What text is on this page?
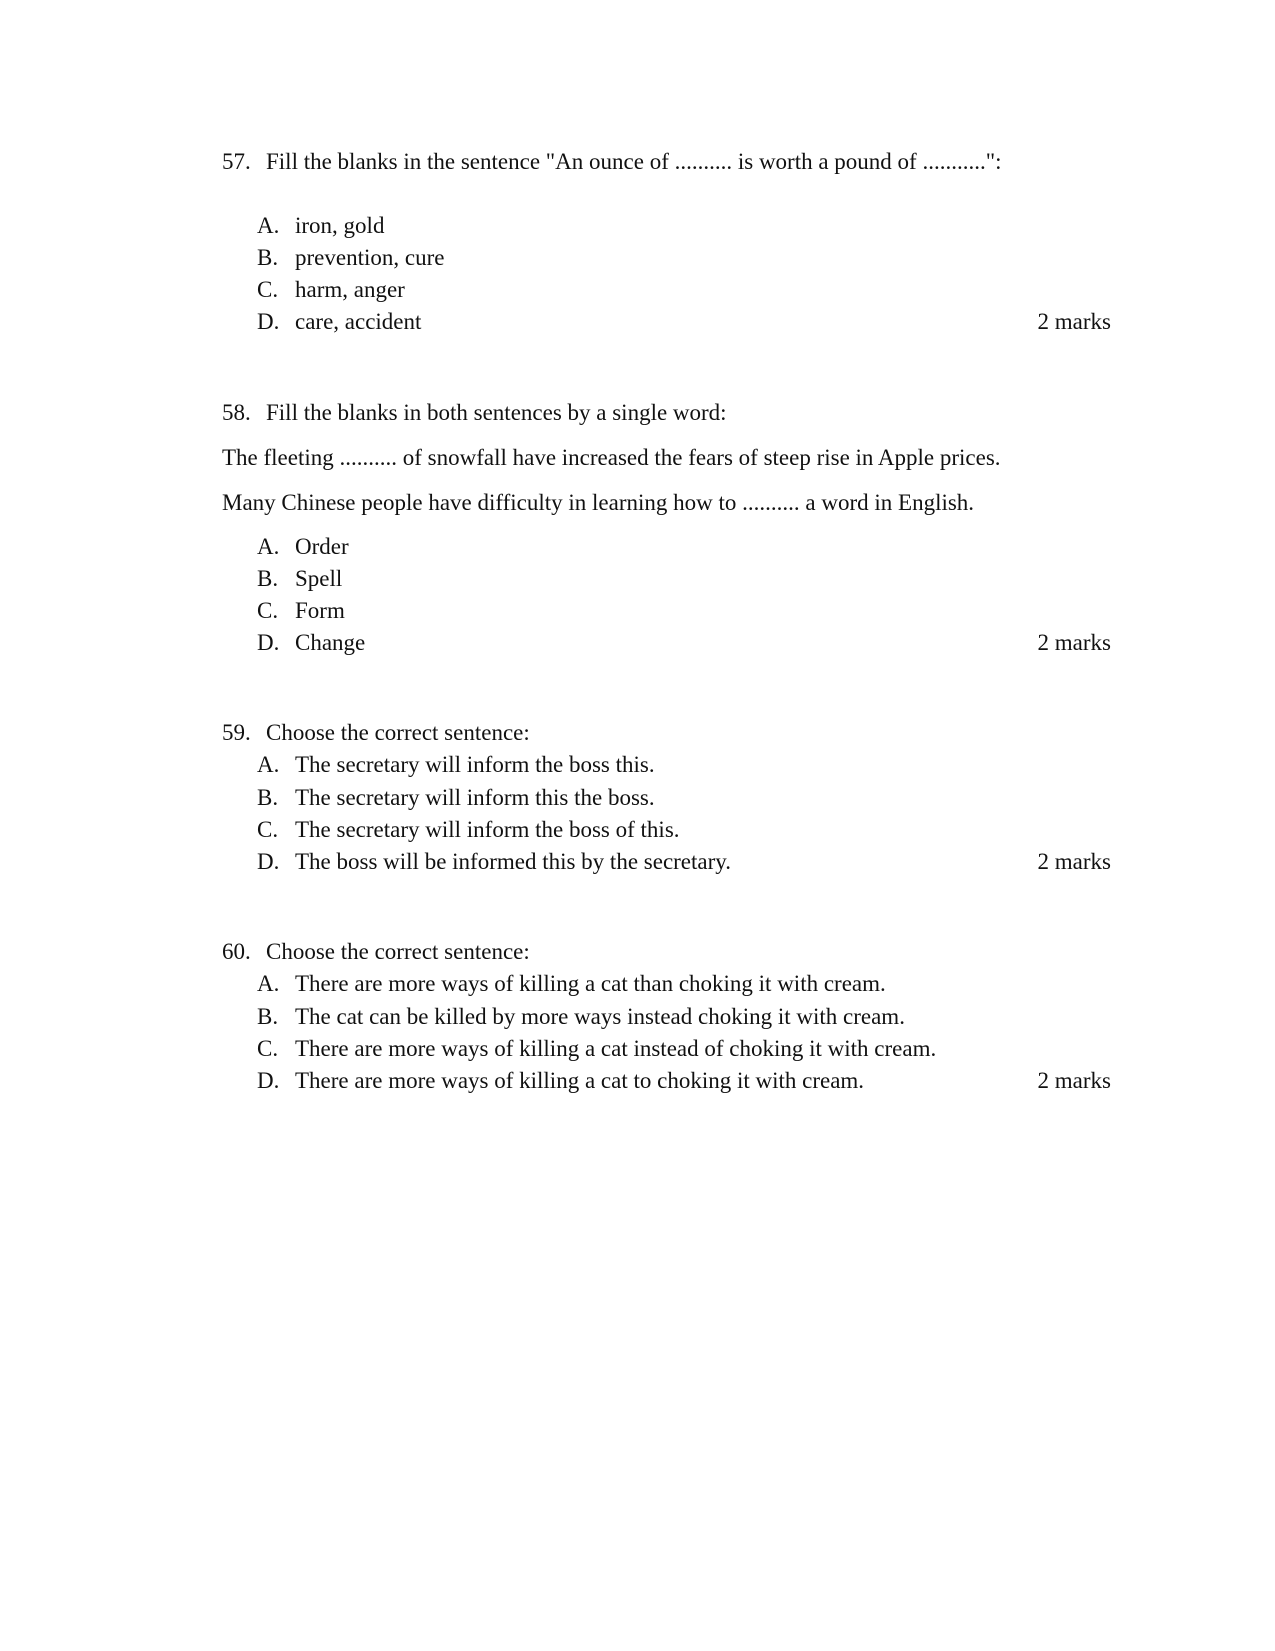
57. Fill the blanks in the sentence "An ounce of .......... is worth a pound of ...........":
A. iron, gold
B. prevention, cure
C. harm, anger
D. care, accident	2 marks
58. Fill the blanks in both sentences by a single word:
The fleeting .......... of snowfall have increased the fears of steep rise in Apple prices.
Many Chinese people have difficulty in learning how to .......... a word in English.
A. Order
B. Spell
C. Form
D. Change	2 marks
59. Choose the correct sentence:
A. The secretary will inform the boss this.
B. The secretary will inform this the boss.
C. The secretary will inform the boss of this.
D. The boss will be informed this by the secretary.	2 marks
60. Choose the correct sentence:
A. There are more ways of killing a cat than choking it with cream.
B. The cat can be killed by more ways instead choking it with cream.
C. There are more ways of killing a cat instead of choking it with cream.
D. There are more ways of killing a cat to choking it with cream.	2 marks
